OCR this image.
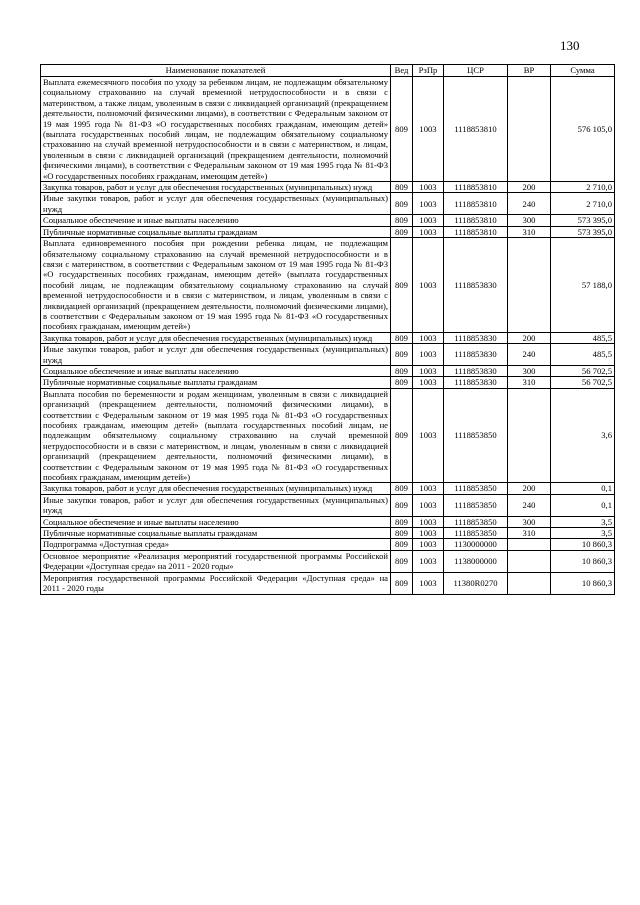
130
Наименование показателей	Вед	РзПр	ЦСР	ВР	Сумма
Выплата ежемесячного пособия по уходу за ребенком лицам, не подлежащим обязательному социальному страхованию на случай временной нетрудоспособности и в связи с материнством, а также лицам, уволенным в связи с ликвидацией организаций (прекращением деятельности, полномочий физическими лицами), в соответствии с Федеральным законом от 19 мая 1995 года № 81-ФЗ «О государственных пособиях гражданам, имеющим детей» (выплата государственных пособий лицам, не подлежащим обязательному социальному страхованию на случай временной нетрудоспособности и в связи с материнством, и лицам, уволенным в связи с ликвидацией организаций (прекращением деятельности, полномочий физическими лицами), в соответствии с Федеральным законом от 19 мая 1995 года № 81-ФЗ «О государственных пособиях гражданам, имеющим детей»)	809	1003	1118853810		576 105,0
Закупка товаров, работ и услуг для обеспечения государственных (муниципальных) нужд	809	1003	1118853810	200	2 710,0
Иные закупки товаров, работ и услуг для обеспечения государственных (муниципальных) нужд	809	1003	1118853810	240	2 710,0
Социальное обеспечение и иные выплаты населению	809	1003	1118853810	300	573 395,0
Публичные нормативные социальные выплаты гражданам	809	1003	1118853810	310	573 395,0
Выплата единовременного пособия при рождении ребенка лицам, не подлежащим обязательному социальному страхованию на случай временной нетрудоспособности и в связи с материнством, в соответствии с Федеральным законом от 19 мая 1995 года № 81-ФЗ «О государственных пособиях гражданам, имеющим детей» (выплата государственных пособий лицам, не подлежащим обязательному социальному страхованию на случай временной нетрудоспособности и в связи с материнством, и лицам, уволенным в связи с ликвидацией организаций (прекращением деятельности, полномочий физическими лицами), в соответствии с Федеральным законом от 19 мая 1995 года № 81-ФЗ «О государственных пособиях гражданам, имеющим детей»)	809	1003	1118853830		57 188,0
Закупка товаров, работ и услуг для обеспечения государственных (муниципальных) нужд	809	1003	1118853830	200	485,5
Иные закупки товаров, работ и услуг для обеспечения государственных (муниципальных) нужд	809	1003	1118853830	240	485,5
Социальное обеспечение и иные выплаты населению	809	1003	1118853830	300	56 702,5
Публичные нормативные социальные выплаты гражданам	809	1003	1118853830	310	56 702,5
Выплата пособия по беременности и родам женщинам, уволенным в связи с ликвидацией организаций (прекращением деятельности, полномочий физическими лицами), в соответствии с Федеральным законом от 19 мая 1995 года № 81-ФЗ «О государственных пособиях гражданам, имеющим детей» (выплата государственных пособий лицам, не подлежащим обязательному социальному страхованию на случай временной нетрудоспособности и в связи с материнством, и лицам, уволенным в связи с ликвидацией организаций (прекращением деятельности, полномочий физическими лицами), в соответствии с Федеральным законом от 19 мая 1995 года № 81-ФЗ «О государственных пособиях гражданам, имеющим детей»)	809	1003	1118853850		3,6
Закупка товаров, работ и услуг для обеспечения государственных (муниципальных) нужд	809	1003	1118853850	200	0,1
Иные закупки товаров, работ и услуг для обеспечения государственных (муниципальных) нужд	809	1003	1118853850	240	0,1
Социальное обеспечение и иные выплаты населению	809	1003	1118853850	300	3,5
Публичные нормативные социальные выплаты гражданам	809	1003	1118853850	310	3,5
Подпрограмма «Доступная среда»	809	1003	1130000000		10 860,3
Основное мероприятие «Реализация мероприятий государственной программы Российской Федерации «Доступная среда» на 2011 - 2020 годы»	809	1003	1138000000		10 860,3
Мероприятия государственной программы Российской Федерации «Доступная среда» на 2011 - 2020 годы	809	1003	11380R0270		10 860,3
